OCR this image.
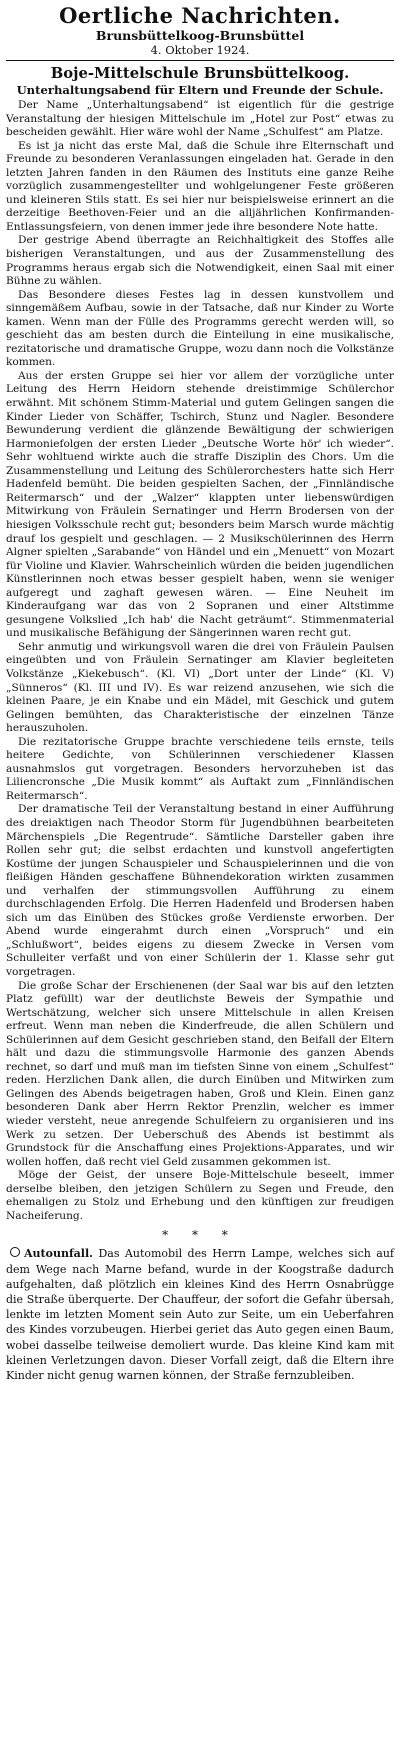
Oertliche Nachrichten.
Brunsbüttelkoog-Brunsbüttel
4. Oktober 1924.
Boje-Mittelschule Brunsbüttelkoog.
Unterhaltungsabend für Eltern und Freunde der Schule.

Der Name „Unterhaltungsabend“ ist eigentlich für die gestrige Veranstaltung der hiesigen Mittelschule im „Hotel zur Post“ etwas zu bescheiden gewählt. Hier wäre wohl der Name „Schulfest“ am Platze.

Es ist ja nicht das erste Mal, daß die Schule ihre Elternschaft und Freunde zu besonderen Veranlassungen eingeladen hat. Gerade in den letzten Jahren fanden in den Räumen des Instituts eine ganze Reihe vorzüglich zusammengestellter und wohlgelungener Feste größeren und kleineren Stils statt. Es sei hier nur beispielsweise erinnert an die derzeitige Beethoven-Feier und an die alljährlichen Konfirmanden-Entlassungsfeiern, von denen immer jede ihre besondere Note hatte.

Der gestrige Abend überragte an Reichhaltigkeit des Stoffes alle bisherigen Veranstaltungen, und aus der Zusammenstellung des Programms heraus ergab sich die Notwendigkeit, einen Saal mit einer Bühne zu wählen.

Das Besondere dieses Festes lag in dessen kunstvollem und sinngemäßem Aufbau, sowie in der Tatsache, daß nur Kinder zu Worte kamen. Wenn man der Fülle des Programms gerecht werden will, so geschieht das am besten durch die Einteilung in eine musikalische, rezitatorische und dramatische Gruppe, wozu dann noch die Volkstänze kommen.

Aus der ersten Gruppe sei hier vor allem der vorzügliche unter Leitung des Herrn Heidorn stehende dreistimmige Schülerchor erwähnt. Mit schönem Stimm-Material und gutem Gelingen sangen die Kinder Lieder von Schäffer, Tschirch, Stunz und Nagler. Besondere Bewunderung verdient die glänzende Bewältigung der schwierigen Harmoniefolgen der ersten Lieder „Deutsche Worte hör' ich wieder“. Sehr wohltuend wirkte auch die straffe Disziplin des Chors. Um die Zusammenstellung und Leitung des Schülerorchesters hatte sich Herr Hadenfeld bemüht. Die beiden gespielten Sachen, der „Finnländische Reitermarsch“ und der „Walzer“ klappten unter liebenswürdigen Mitwirkung von Fräulein Sernatinger und Herrn Brodersen von der hiesigen Volksschule recht gut; besonders beim Marsch wurde mächtig drauf los gespielt und geschlagen. — 2 Musikschülerinnen des Herrn Algner spielten „Sarabande“ von Händel und ein „Menuett“ von Mozart für Violine und Klavier. Wahrscheinlich würden die beiden jugendlichen Künstlerinnen noch etwas besser gespielt haben, wenn sie weniger aufgeregt und zaghaft gewesen wären. — Eine Neuheit im Kinderaufgang war das von 2 Sopranen und einer Altstimme gesungene Volkslied „Ich hab' die Nacht geträumt“. Stimmenmaterial und musikalische Befähigung der Sängerinnen waren recht gut.

Sehr anmutig und wirkungsvoll waren die drei von Fräulein Paulsen eingeübten und von Fräulein Sernatinger am Klavier begleiteten Volkstänze „Kiekebusch“. (Kl. VI) „Dort unter der Linde“ (Kl. V) „Sünneros“ (Kl. III und IV). Es war reizend anzusehen, wie sich die kleinen Paare, je ein Knabe und ein Mädel, mit Geschick und gutem Gelingen bemühten, das Charakteristische der einzelnen Tänze herauszuholen.

Die rezitatorische Gruppe brachte verschiedene teils ernste, teils heitere Gedichte, von Schülerinnen verschiedener Klassen ausnahmslos gut vorgetragen. Besonders hervorzuheben ist das Liliencronsche „Die Musik kommt“ als Auftakt zum „Finnländischen Reitermarsch“.

Der dramatische Teil der Veranstaltung bestand in einer Aufführung des dreiaktigen nach Theodor Storm für Jugendbühnen bearbeiteten Märchenspiels „Die Regentrude“. Sämtliche Darsteller gaben ihre Rollen sehr gut; die selbst erdachten und kunstvoll angefertigten Kostüme der jungen Schauspieler und Schauspielerinnen und die von fleißigen Händen geschaffene Bühnendekoration wirkten zusammen und verhalfen der stimmungsvollen Aufführung zu einem durchschlagenden Erfolg. Die Herren Hadenfeld und Brodersen haben sich um das Einüben des Stückes große Verdienste erworben. Der Abend wurde eingerahmt durch einen „Vorspruch“ und ein „Schlußwort“, beides eigens zu diesem Zwecke in Versen vom Schulleiter verfaßt und von einer Schülerin der 1. Klasse sehr gut vorgetragen.

Die große Schar der Erschienenen (der Saal war bis auf den letzten Platz gefüllt) war der deutlichste Beweis der Sympathie und Wertschätzung, welcher sich unsere Mittelschule in allen Kreisen erfreut. Wenn man neben die Kinderfreude, die allen Schülern und Schülerinnen auf dem Gesicht geschrieben stand, den Beifall der Eltern hält und dazu die stimmungsvolle Harmonie des ganzen Abends rechnet, so darf und muß man im tiefsten Sinne von einem „Schulfest“ reden. Herzlichen Dank allen, die durch Einüben und Mitwirken zum Gelingen des Abends beigetragen haben, Groß und Klein. Einen ganz besonderen Dank aber Herrn Rektor Prenzlin, welcher es immer wieder versteht, neue anregende Schulfeiern zu organisieren und ins Werk zu setzen. Der Ueberschuß des Abends ist bestimmt als Grundstock für die Anschaffung eines Projektions-Apparates, und wir wollen hoffen, daß recht viel Geld zusammen gekommen ist.

Möge der Geist, der unsere Boje-Mittelschule beseelt, immer derselbe bleiben, den jetzigen Schülern zu Segen und Freude, den ehemaligen zu Stolz und Erhebung und den künftigen zur freudigen Nacheiferung.

* * *

Autounfall. Das Automobil des Herrn Lampe, welches sich auf dem Wege nach Marne befand, wurde in der Koogstraße dadurch aufgehalten, daß plötzlich ein kleines Kind des Herrn Osnabrügge die Straße überquerte. Der Chauffeur, der sofort die Gefahr übersah, lenkte im letzten Moment sein Auto zur Seite, um ein Ueberfahren des Kindes vorzubeugen. Hierbei geriet das Auto gegen einen Baum, wobei dasselbe teilweise demoliert wurde. Das kleine Kind kam mit kleinen Verletzungen davon. Dieser Vorfall zeigt, daß die Eltern ihre Kinder nicht genug warnen können, der Straße fernzubleiben.
